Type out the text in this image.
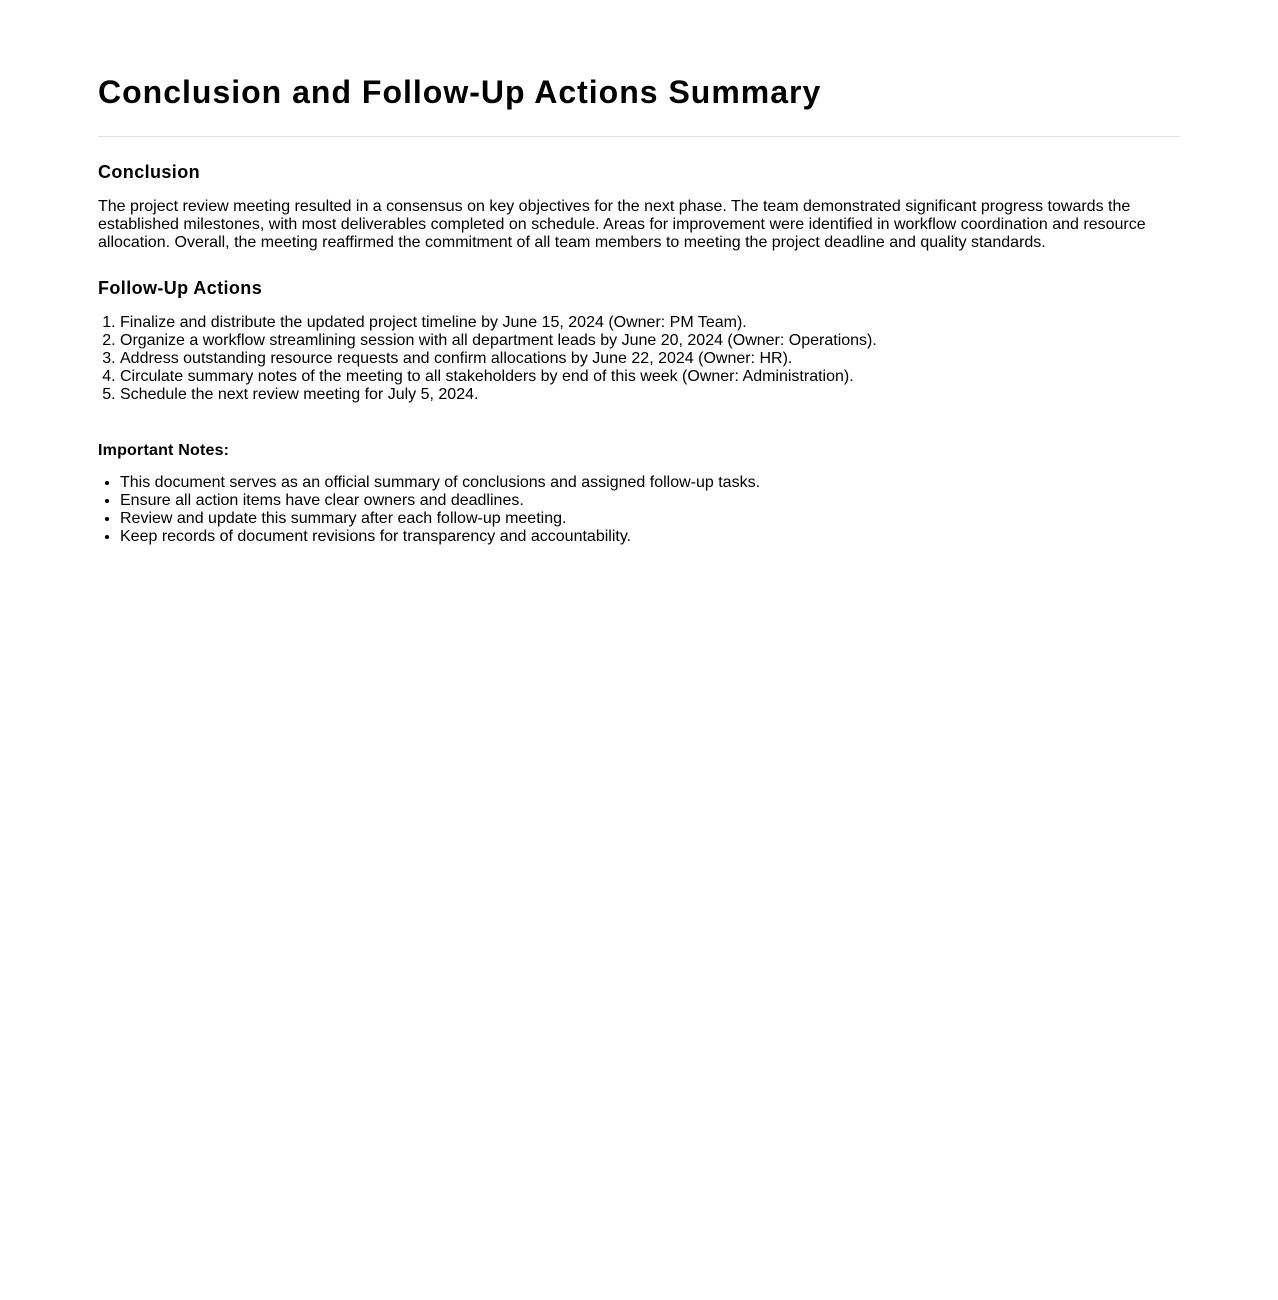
Conclusion and Follow-Up Actions Summary
Conclusion

The project review meeting resulted in a consensus on key objectives for the next phase. The team demonstrated significant progress towards the established milestones, with most deliverables completed on schedule. Areas for improvement were identified in workflow coordination and resource allocation. Overall, the meeting reaffirmed the commitment of all team members to meeting the project deadline and quality standards.

Follow-Up Actions
1. Finalize and distribute the updated project timeline by June 15, 2024 (Owner: PM Team).
2. Organize a workflow streamlining session with all department leads by June 20, 2024 (Owner: Operations).
3. Address outstanding resource requests and confirm allocations by June 22, 2024 (Owner: HR).
4. Circulate summary notes of the meeting to all stakeholders by end of this week (Owner: Administration).
5. Schedule the next review meeting for July 5, 2024.

Important Notes:

• This document serves as an official summary of conclusions and assigned follow-up tasks.
• Ensure all action items have clear owners and deadlines.
• Review and update this summary after each follow-up meeting.
• Keep records of document revisions for transparency and accountability.
